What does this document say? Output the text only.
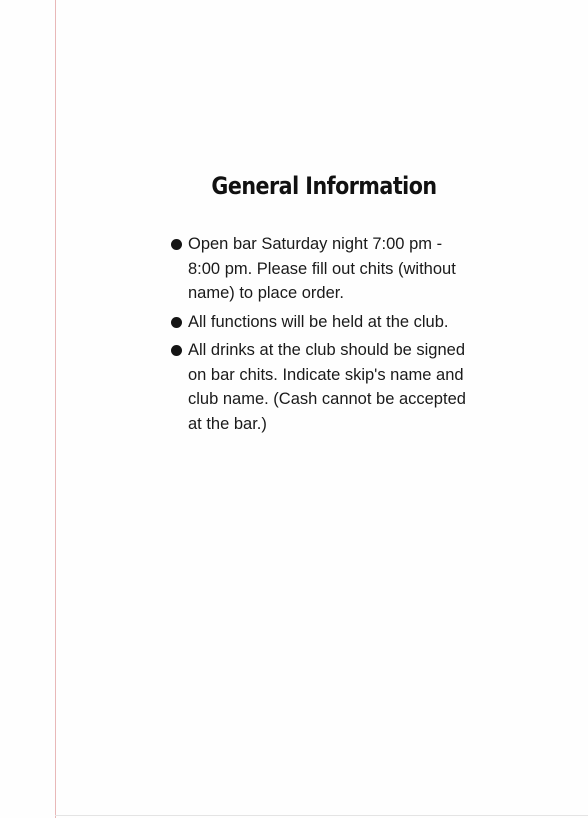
General Information
Open bar Saturday night 7:00 pm - 8:00 pm. Please fill out chits (without name) to place order.
All functions will be held at the club.
All drinks at the club should be signed on bar chits. Indicate skip's name and club name. (Cash cannot be accepted at the bar.)
